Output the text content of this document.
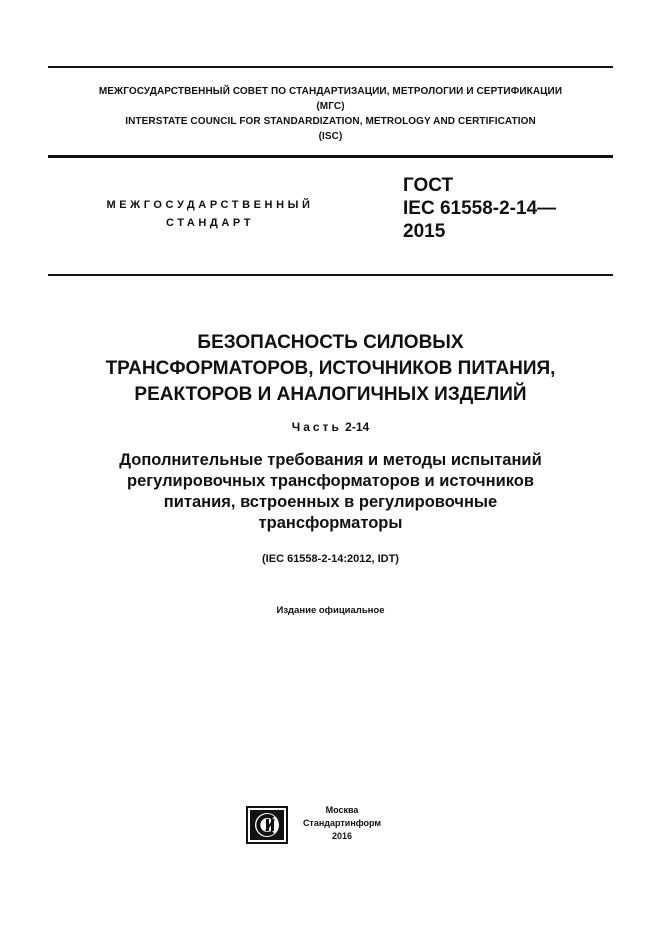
МЕЖГОСУДАРСТВЕННЫЙ СОВЕТ ПО СТАНДАРТИЗАЦИИ, МЕТРОЛОГИИ И СЕРТИФИКАЦИИ
(МГС)
INTERSTATE COUNCIL FOR STANDARDIZATION, METROLOGY AND CERTIFICATION
(ISC)
МЕЖГОСУДАРСТВЕННЫЙ
СТАНДАРТ
ГОСТ
IEC 61558-2-14—
2015
БЕЗОПАСНОСТЬ СИЛОВЫХ
ТРАНСФОРМАТОРОВ, ИСТОЧНИКОВ ПИТАНИЯ,
РЕАКТОРОВ И АНАЛОГИЧНЫХ ИЗДЕЛИЙ
Часть 2-14
Дополнительные требования и методы испытаний
регулировочных трансформаторов и источников
питания, встроенных в регулировочные
трансформаторы
(IEC 61558-2-14:2012, IDT)
Издание официальное
Москва
Стандартинформ
2016
